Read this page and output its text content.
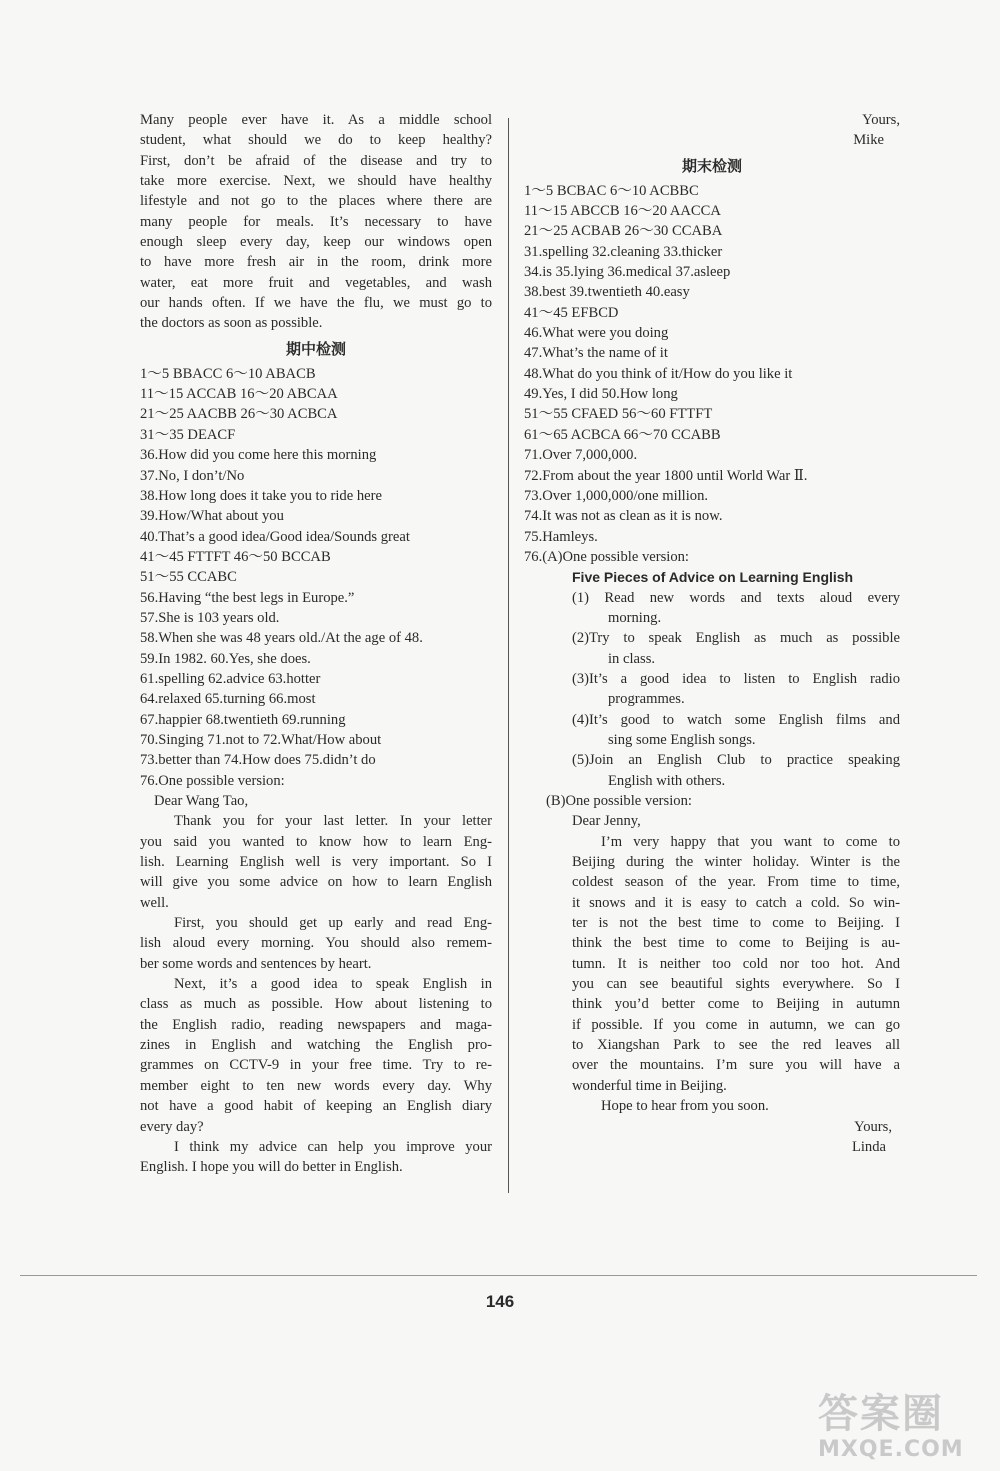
Many people ever have it. As a middle school
student, what should we do to keep healthy?
First, don’t be afraid of the disease and try to
take more exercise. Next, we should have healthy
lifestyle and not go to the places where there are
many people for meals. It’s necessary to have
enough sleep every day, keep our windows open
to have more fresh air in the room, drink more
water, eat more fruit and vegetables, and wash
our hands often. If we have the flu, we must go to
the doctors as soon as possible.
期中检测
1～5 BBACC 6～10 ABACB
11～15 ACCAB 16～20 ABCAA
21～25 AACBB 26～30 ACBCA
31～35 DEACF
36.How did you come here this morning
37.No, I don’t/No
38.How long does it take you to ride here
39.How/What about you
40.That’s a good idea/Good idea/Sounds great
41～45 FTTFT 46～50 BCCAB
51～55 CCABC
56.Having “the best legs in Europe.”
57.She is 103 years old.
58.When she was 48 years old./At the age of 48.
59.In 1982. 60.Yes, she does.
61.spelling 62.advice 63.hotter
64.relaxed 65.turning 66.most
67.happier 68.twentieth 69.running
70.Singing 71.not to 72.What/How about
73.better than 74.How does 75.didn’t do
76.One possible version:
Dear Wang Tao,
Thank you for your last letter. In your letter
you said you wanted to know how to learn Eng-
lish. Learning English well is very important. So I
will give you some advice on how to learn English
well.
First, you should get up early and read Eng-
lish aloud every morning. You should also remem-
ber some words and sentences by heart.
Next, it’s a good idea to speak English in
class as much as possible. How about listening to
the English radio, reading newspapers and maga-
zines in English and watching the English pro-
grammes on CCTV-9 in your free time. Try to re-
member eight to ten new words every day. Why
not have a good habit of keeping an English diary
every day?
I think my advice can help you improve your
English. I hope you will do better in English.
Yours,
Mike
期末检测
1～5 BCBAC 6～10 ACBBC
11～15 ABCCB 16～20 AACCA
21～25 ACBAB 26～30 CCABA
31.spelling 32.cleaning 33.thicker
34.is 35.lying 36.medical 37.asleep
38.best 39.twentieth 40.easy
41～45 EFBCD
46.What were you doing
47.What’s the name of it
48.What do you think of it/How do you like it
49.Yes, I did 50.How long
51～55 CFAED 56～60 FTTFT
61～65 ACBCA 66～70 CCABB
71.Over 7,000,000.
72.From about the year 1800 until World War Ⅱ.
73.Over 1,000,000/one million.
74.It was not as clean as it is now.
75.Hamleys.
76.(A)One possible version:
Five Pieces of Advice on Learning English
(1) Read new words and texts aloud every
morning.
(2)Try to speak English as much as possible
in class.
(3)It’s a good idea to listen to English radio
programmes.
(4)It’s good to watch some English films and
sing some English songs.
(5)Join an English Club to practice speaking
English with others.
(B)One possible version:
Dear Jenny,
I’m very happy that you want to come to
Beijing during the winter holiday. Winter is the
coldest season of the year. From time to time,
it snows and it is easy to catch a cold. So win-
ter is not the best time to come to Beijing. I
think the best time to come to Beijing is au-
tumn. It is neither too cold nor too hot. And
you can see beautiful sights everywhere. So I
think you’d better come to Beijing in autumn
if possible. If you come in autumn, we can go
to Xiangshan Park to see the red leaves all
over the mountains. I’m sure you will have a
wonderful time in Beijing.
Hope to hear from you soon.
Yours,
Linda
146
答案圈
MXQE.COM
